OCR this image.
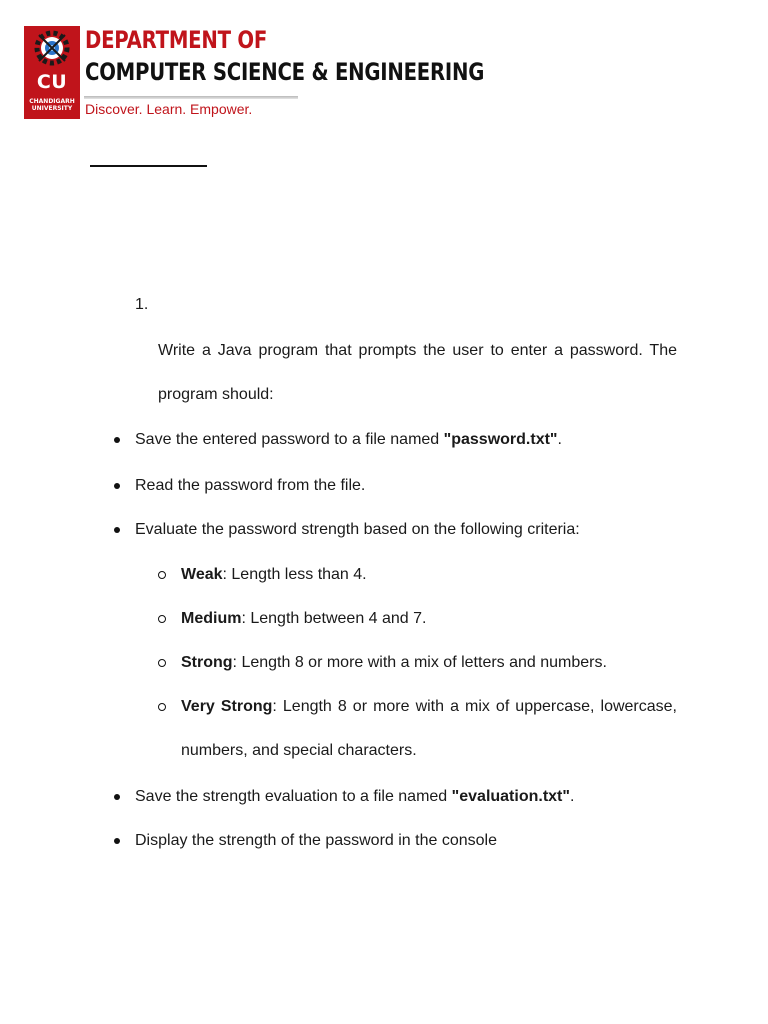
CU
CHANDIGARH
UNIVERSITY
DEPARTMENT OF
COMPUTER SCIENCE & ENGINEERING
Discover. Learn. Empower.
1.
Write a Java program that prompts the user to enter a password. The
program should:
Save the entered password to a file named "password.txt".
Read the password from the file.
Evaluate the password strength based on the following criteria:
Weak: Length less than 4.
Medium: Length between 4 and 7.
Strong: Length 8 or more with a mix of letters and numbers.
Very Strong: Length 8 or more with a mix of uppercase, lowercase,
numbers, and special characters.
Save the strength evaluation to a file named "evaluation.txt".
Display the strength of the password in the console
